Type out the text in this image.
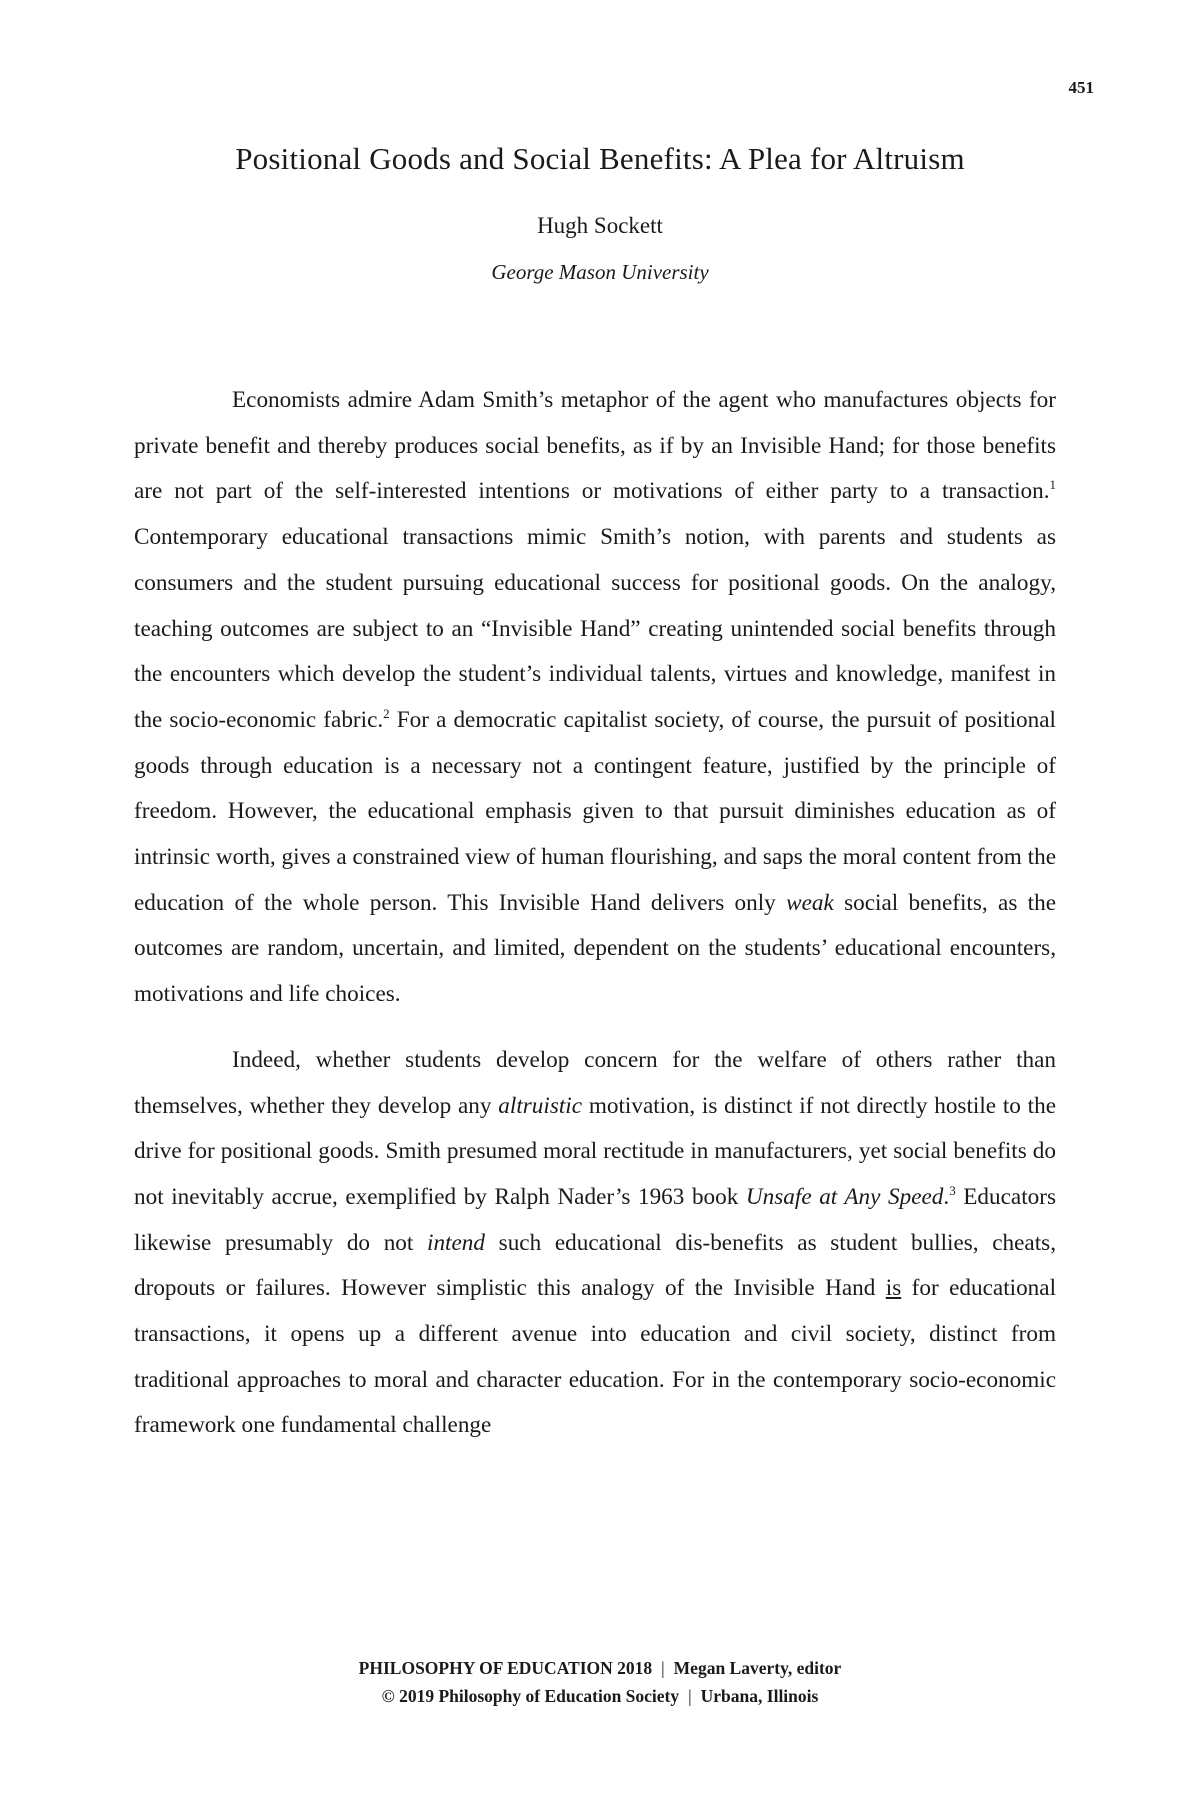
451
Positional Goods and Social Benefits: A Plea for Altruism
Hugh Sockett
George Mason University

Economists admire Adam Smith’s metaphor of the agent who manufactures objects for private benefit and thereby produces social benefits, as if by an Invisible Hand; for those benefits are not part of the self-interested intentions or motivations of either party to a transaction.$^1$ Contemporary educational transactions mimic Smith’s notion, with parents and students as consumers and the student pursuing educational success for positional goods. On the analogy, teaching outcomes are subject to an “Invisible Hand” creating unintended social benefits through the encounters which develop the student’s individual talents, virtues and knowledge, manifest in the socio-economic fabric.$^2$ For a democratic capitalist society, of course, the pursuit of positional goods through education is a necessary not a contingent feature, justified by the principle of freedom. However, the educational emphasis given to that pursuit diminishes education as of intrinsic worth, gives a constrained view of human flourishing, and saps the moral content from the education of the whole person. This Invisible Hand delivers only weak social benefits, as the outcomes are random, uncertain, and limited, dependent on the students’ educational encounters, motivations and life choices.

Indeed, whether students develop concern for the welfare of others rather than themselves, whether they develop any altruistic motivation, is distinct if not directly hostile to the drive for positional goods. Smith presumed moral rectitude in manufacturers, yet social benefits do not inevitably accrue, exemplified by Ralph Nader’s 1963 book Unsafe at Any Speed.$^3$ Educators likewise presumably do not intend such educational dis-benefits as student bullies, cheats, dropouts or failures. However simplistic this analogy of the Invisible Hand is for educational transactions, it opens up a different avenue into education and civil society, distinct from traditional approaches to moral and character education. For in the contemporary socio-economic framework one fundamental challenge

PHILOSOPHY OF EDUCATION 2018 | Megan Laverty, editor
© 2019 Philosophy of Education Society | Urbana, Illinois
